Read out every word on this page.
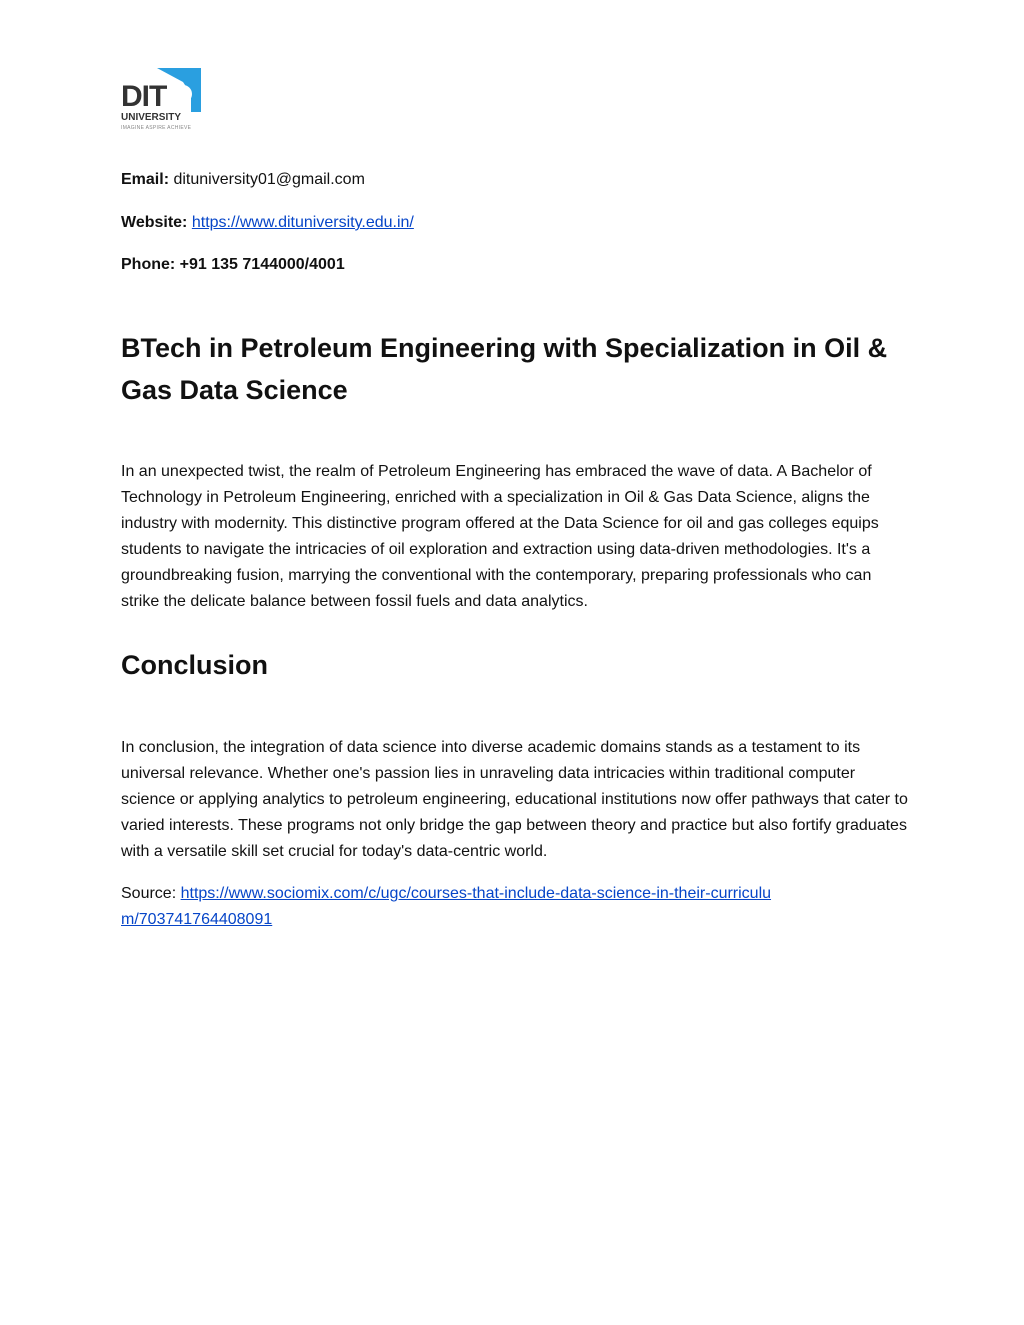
DIT
UNIVERSITY
IMAGINE ASPIRE ACHIEVE
Email: dituniversity01@gmail.com
Website: https://www.dituniversity.edu.in/
Phone: +91 135 7144000/4001
BTech in Petroleum Engineering with Specialization in Oil & Gas Data Science

In an unexpected twist, the realm of Petroleum Engineering has embraced the wave of data. A Bachelor of Technology in Petroleum Engineering, enriched with a specialization in Oil & Gas Data Science, aligns the industry with modernity. This distinctive program offered at the Data Science for oil and gas colleges equips students to navigate the intricacies of oil exploration and extraction using data-driven methodologies. It's a groundbreaking fusion, marrying the conventional with the contemporary, preparing professionals who can strike the delicate balance between fossil fuels and data analytics.

Conclusion

In conclusion, the integration of data science into diverse academic domains stands as a testament to its universal relevance. Whether one's passion lies in unraveling data intricacies within traditional computer science or applying analytics to petroleum engineering, educational institutions now offer pathways that cater to varied interests. These programs not only bridge the gap between theory and practice but also fortify graduates with a versatile skill set crucial for today's data-centric world.

Source: https://www.sociomix.com/c/ugc/courses-that-include-data-science-in-their-curriculum/703741764408091
